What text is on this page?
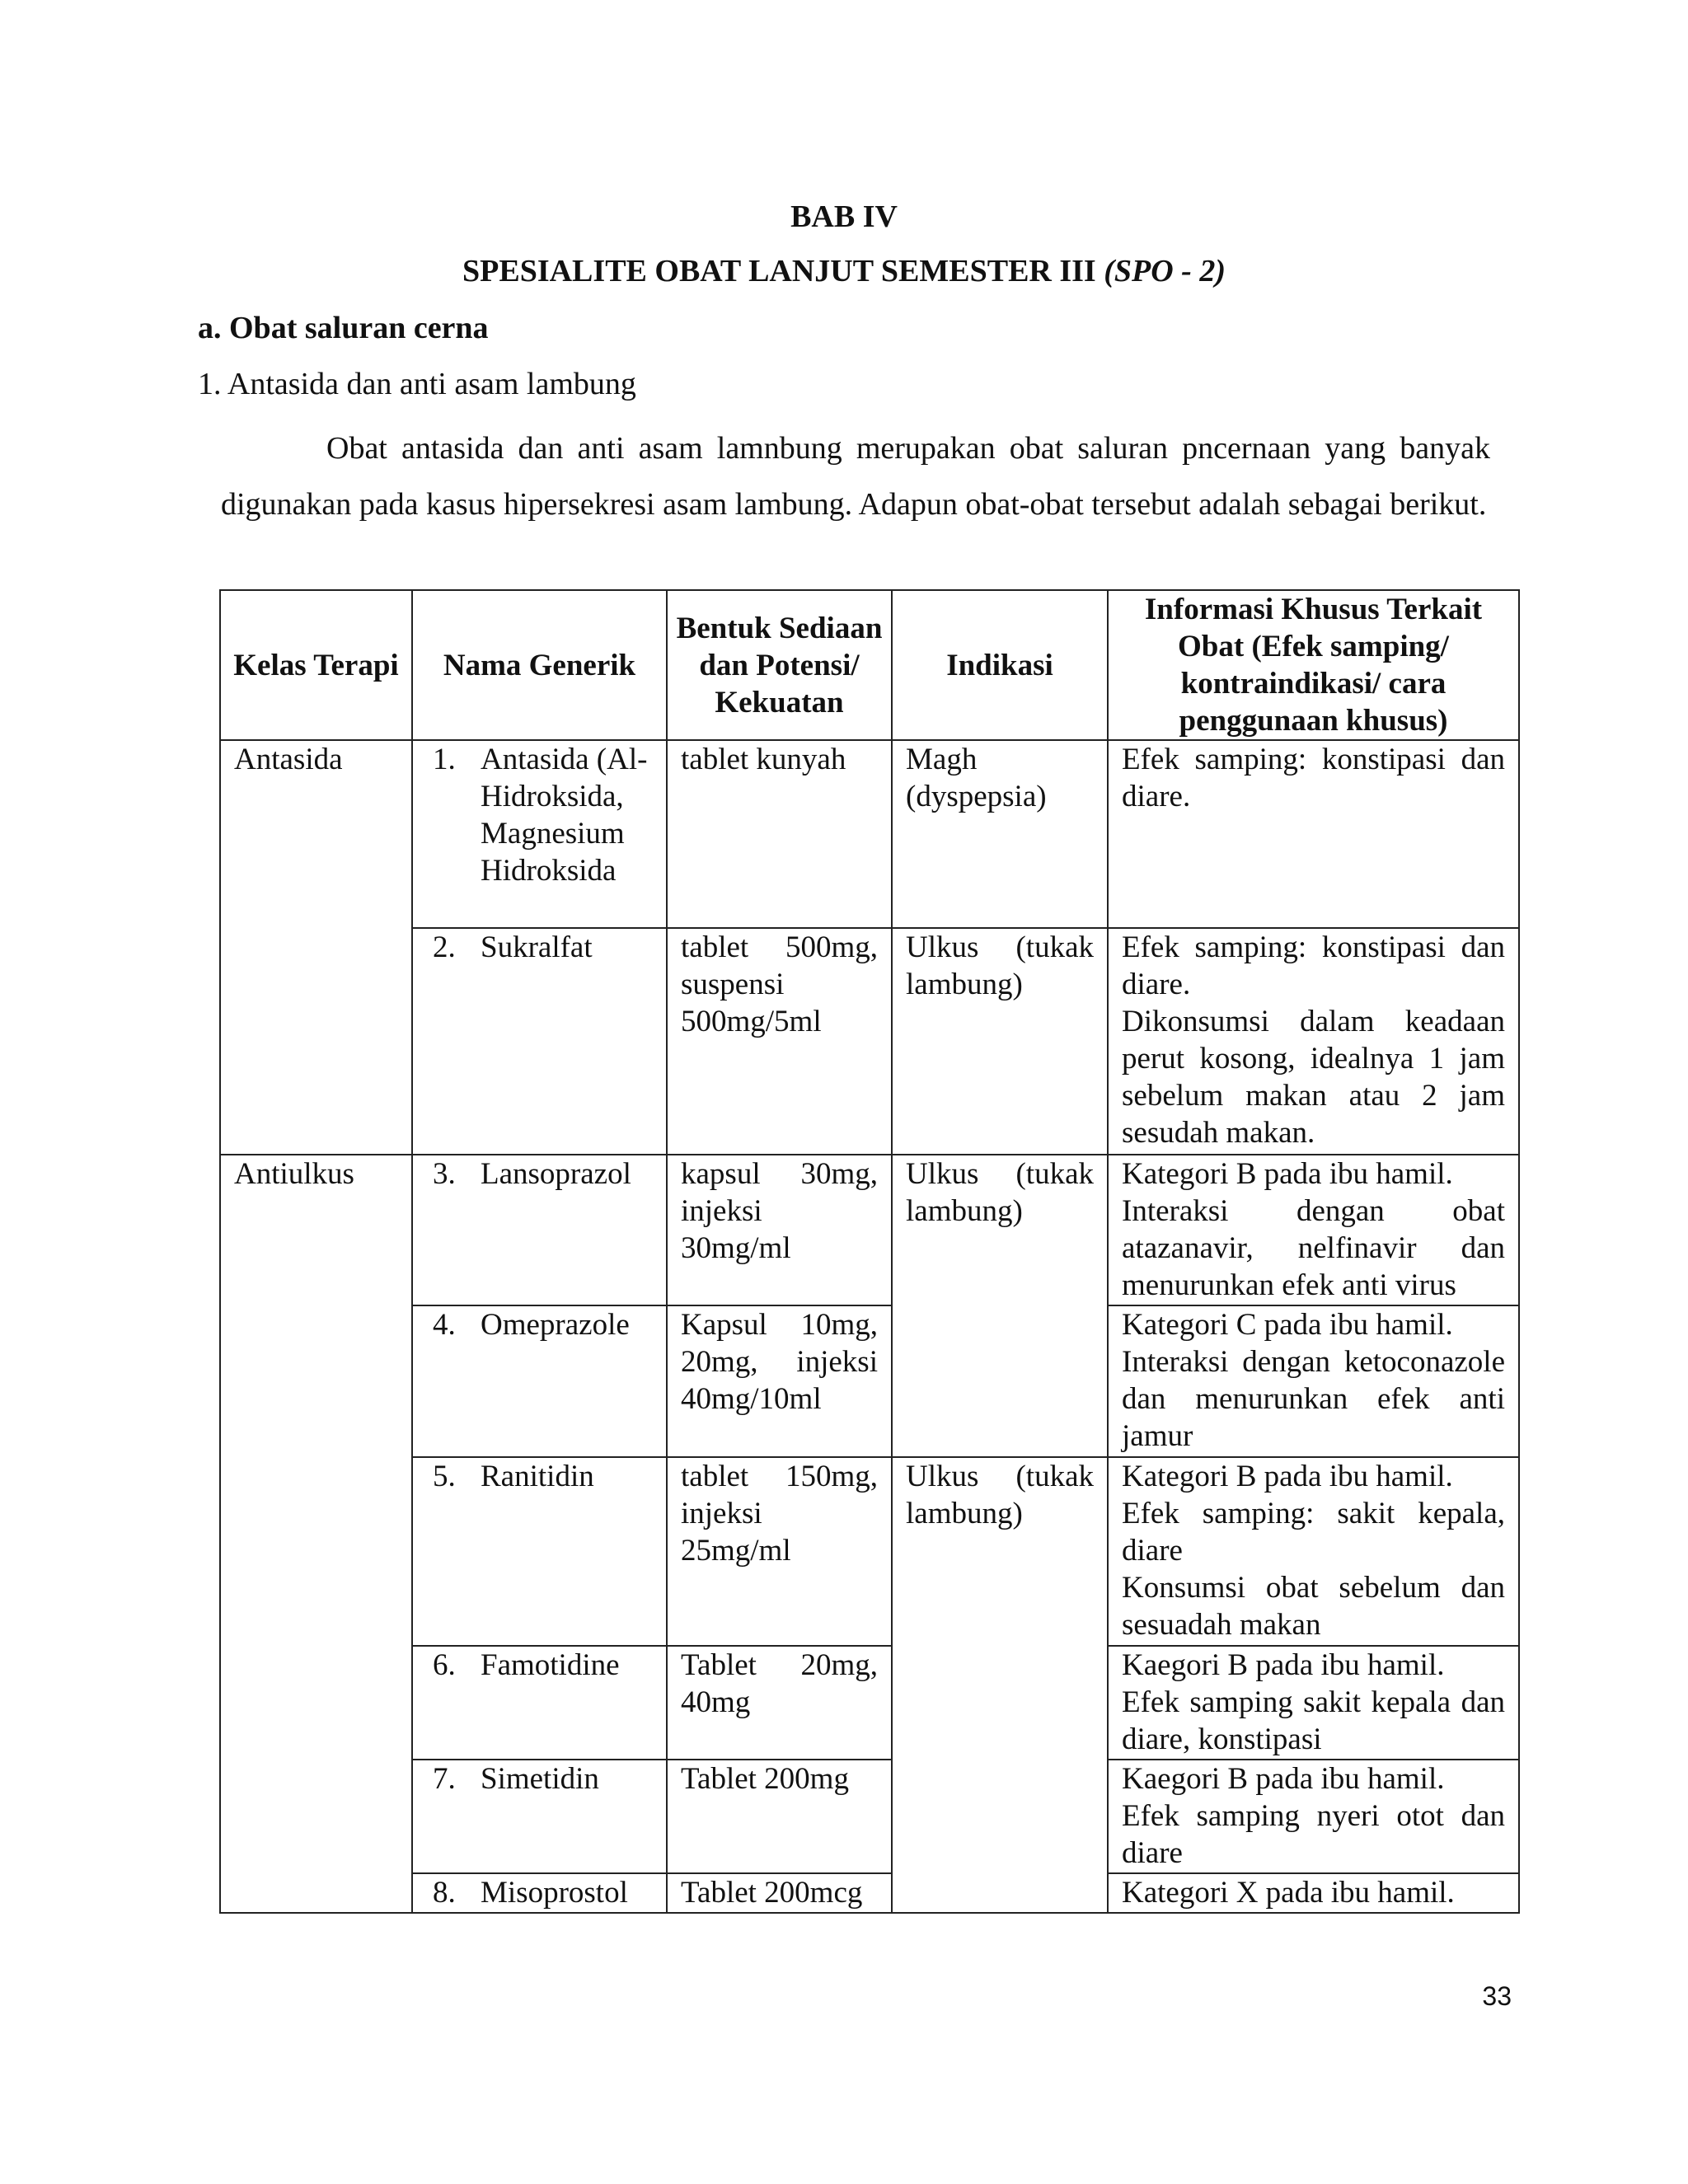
BAB IV
SPESIALITE OBAT LANJUT SEMESTER III (SPO - 2)
a. Obat saluran cerna
1. Antasida dan anti asam lambung
Obat antasida dan anti asam lamnbung merupakan obat saluran pncernaan yang banyak digunakan pada kasus hipersekresi asam lambung. Adapun obat-obat tersebut adalah sebagai berikut.
Kelas Terapi	Nama Generik	Bentuk Sediaan dan Potensi/ Kekuatan	Indikasi	Informasi Khusus Terkait Obat (Efek samping/ kontraindikasi/ cara penggunaan khusus)
Antasida	1. Antasida (Al-Hidroksida, Magnesium Hidroksida	tablet kunyah	Magh (dyspepsia)	Efek samping: konstipasi dan diare.

	2. Sukralfat	tablet 500mg, suspensi 500mg/5ml	Ulkus (tukak lambung)	Efek samping: konstipasi dan diare.
Dikonsumsi dalam keadaan perut kosong, idealnya 1 jam sebelum makan atau 2 jam sesudah makan.
Antiulkus	3. Lansoprazol	kapsul 30mg, injeksi 30mg/ml	Ulkus (tukak lambung)	Kategori B pada ibu hamil.
Interaksi dengan obat atazanavir, nelfinavir dan menurunkan efek anti virus

	4. Omeprazole	Kapsul 10mg, 20mg, injeksi 40mg/10ml		Kategori C pada ibu hamil.
Interaksi dengan ketoconazole dan menurunkan efek anti jamur

	5. Ranitidin	tablet 150mg, injeksi 25mg/ml	Ulkus (tukak lambung)	Kategori B pada ibu hamil.
Efek samping: sakit kepala, diare
Konsumsi obat sebelum dan sesuadah makan

	6. Famotidine	Tablet 20mg, 40mg		Kaegori B pada ibu hamil.
Efek samping sakit kepala dan diare, konstipasi

	7. Simetidin	Tablet 200mg		Kaegori B pada ibu hamil.
Efek samping nyeri otot dan diare

	8. Misoprostol	Tablet 200mcg		Kategori X pada ibu hamil.
33
